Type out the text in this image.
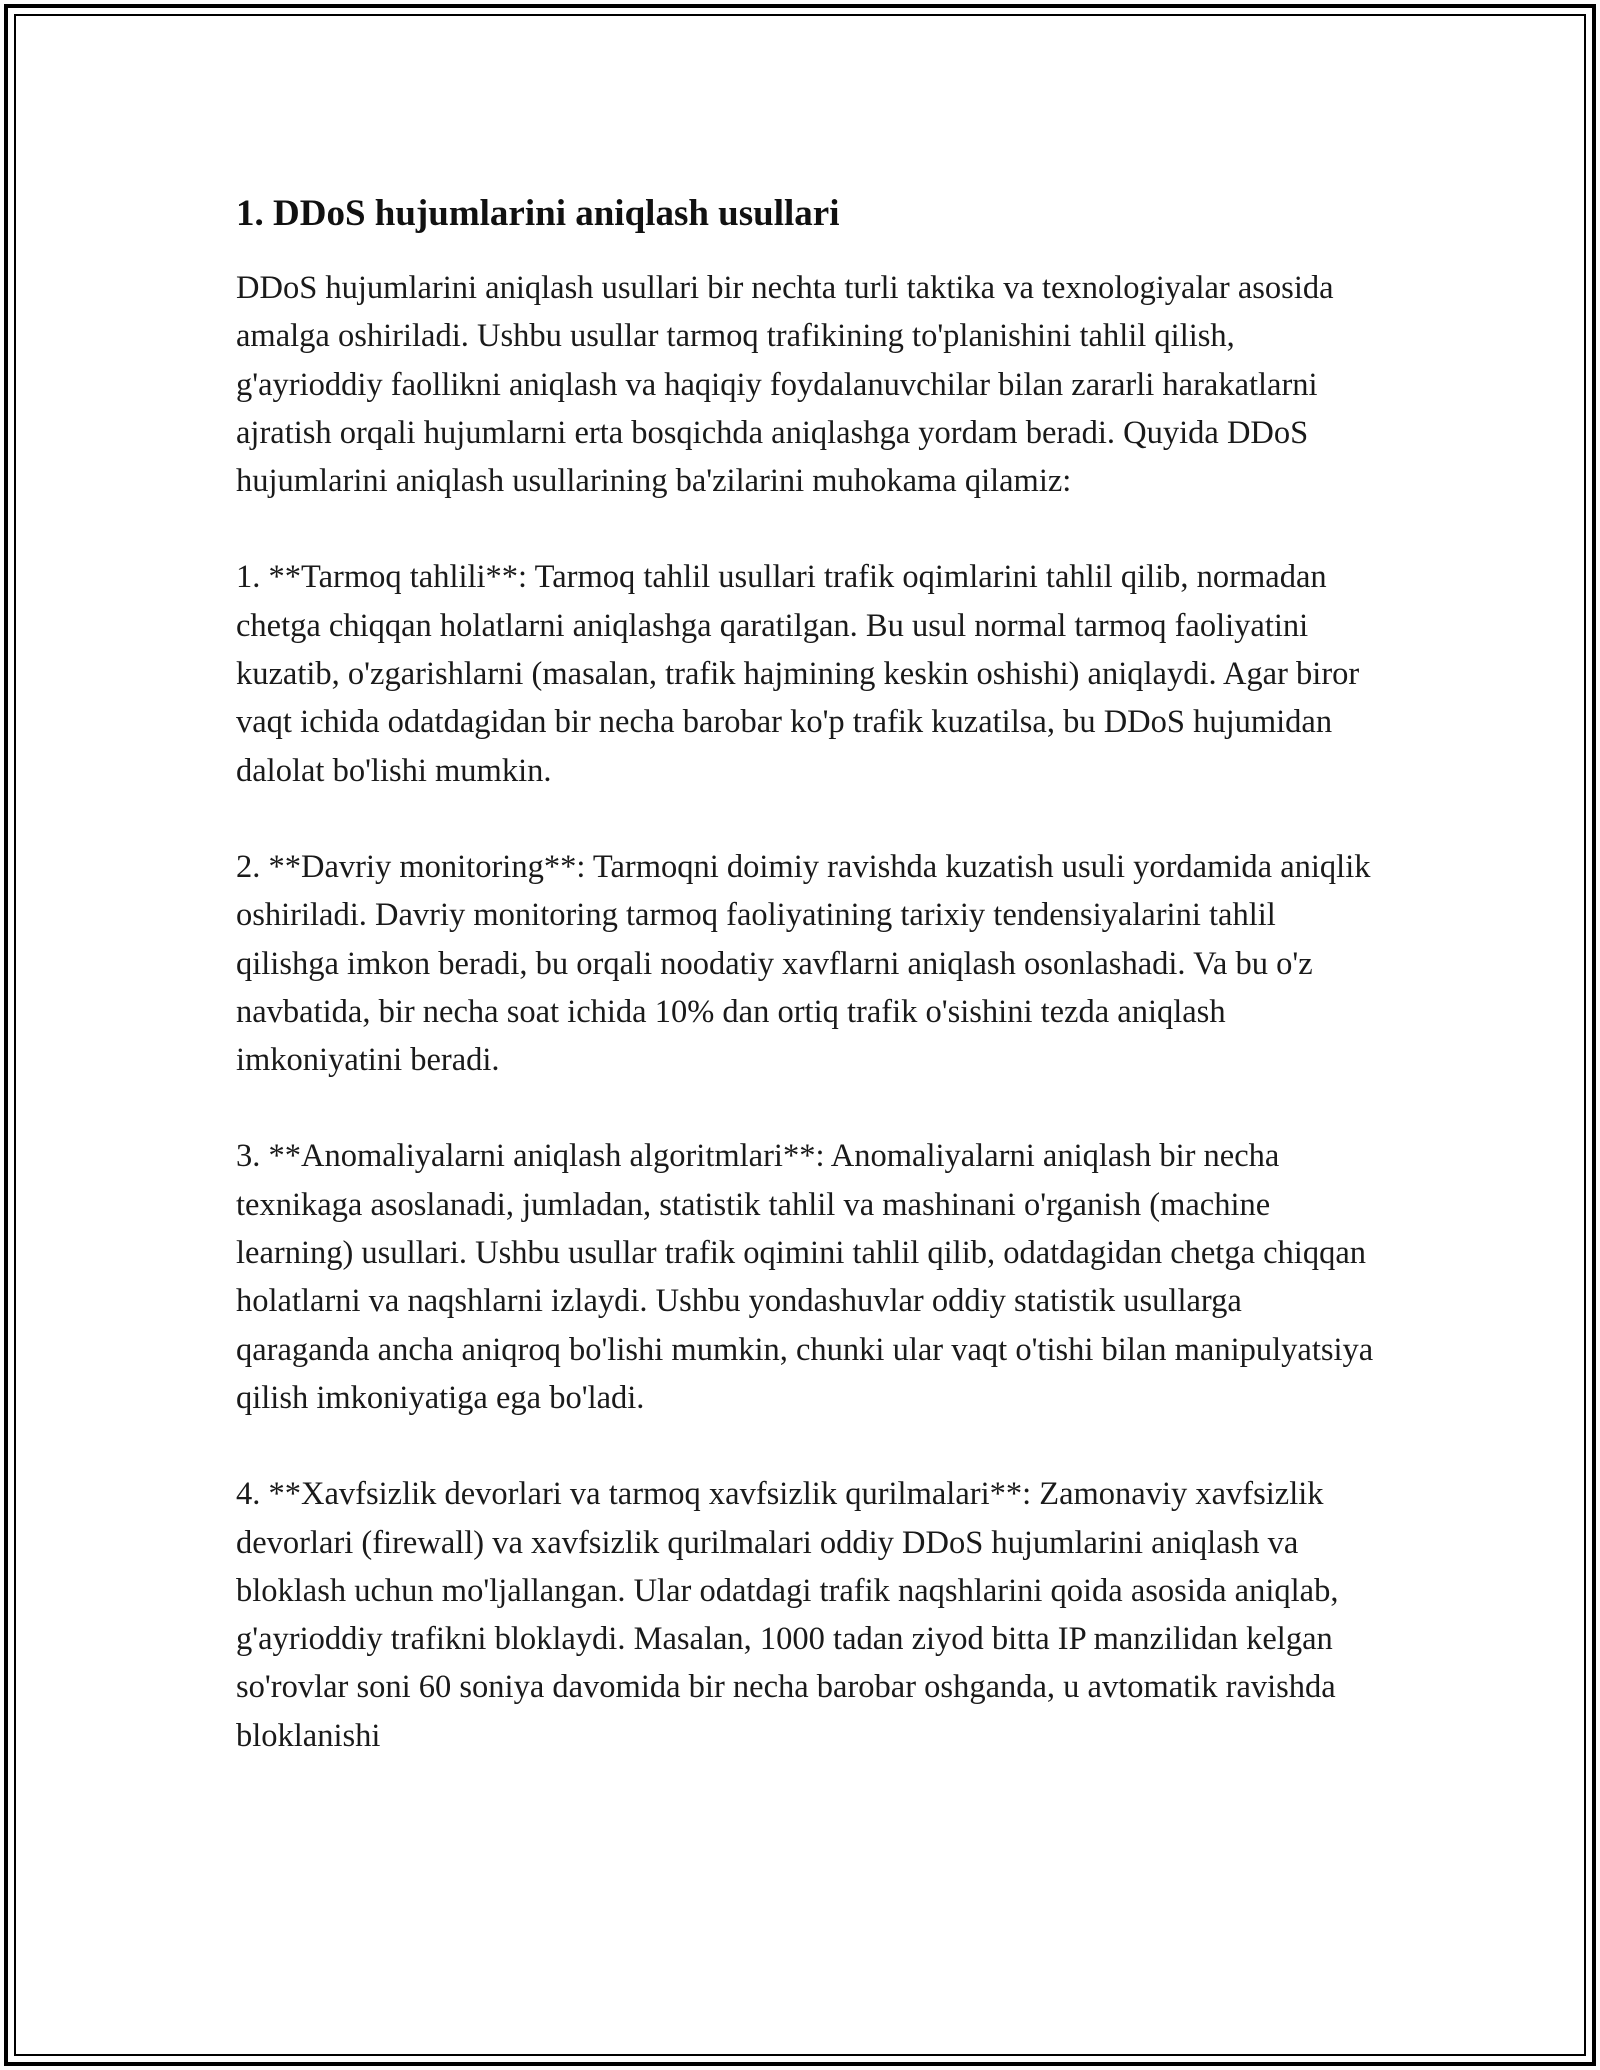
1. DDoS hujumlarini aniqlash usullari

DDoS hujumlarini aniqlash usullari bir nechta turli taktika va texnologiyalar asosida amalga oshiriladi. Ushbu usullar tarmoq trafikining to'planishini tahlil qilish, g'ayrioddiy faollikni aniqlash va haqiqiy foydalanuvchilar bilan zararli harakatlarni ajratish orqali hujumlarni erta bosqichda aniqlashga yordam beradi. Quyida DDoS hujumlarini aniqlash usullarining ba'zilarini muhokama qilamiz:

1. **Tarmoq tahlili**: Tarmoq tahlil usullari trafik oqimlarini tahlil qilib, normadan chetga chiqqan holatlarni aniqlashga qaratilgan. Bu usul normal tarmoq faoliyatini kuzatib, o'zgarishlarni (masalan, trafik hajmining keskin oshishi) aniqlaydi. Agar biror vaqt ichida odatdagidan bir necha barobar ko'p trafik kuzatilsa, bu DDoS hujumidan dalolat bo'lishi mumkin.

2. **Davriy monitoring**: Tarmoqni doimiy ravishda kuzatish usuli yordamida aniqlik oshiriladi. Davriy monitoring tarmoq faoliyatining tarixiy tendensiyalarini tahlil qilishga imkon beradi, bu orqali noodatiy xavflarni aniqlash osonlashadi. Va bu o'z navbatida, bir necha soat ichida 10% dan ortiq trafik o'sishini tezda aniqlash imkoniyatini beradi.

3. **Anomaliyalarni aniqlash algoritmlari**: Anomaliyalarni aniqlash bir necha texnikaga asoslanadi, jumladan, statistik tahlil va mashinani o'rganish (machine learning) usullari. Ushbu usullar trafik oqimini tahlil qilib, odatdagidan chetga chiqqan holatlarni va naqshlarni izlaydi. Ushbu yondashuvlar oddiy statistik usullarga qaraganda ancha aniqroq bo'lishi mumkin, chunki ular vaqt o'tishi bilan manipulyatsiya qilish imkoniyatiga ega bo'ladi.

4. **Xavfsizlik devorlari va tarmoq xavfsizlik qurilmalari**: Zamonaviy xavfsizlik devorlari (firewall) va xavfsizlik qurilmalari oddiy DDoS hujumlarini aniqlash va bloklash uchun mo'ljallangan. Ular odatdagi trafik naqshlarini qoida asosida aniqlab, g'ayrioddiy trafikni bloklaydi. Masalan, 1000 tadan ziyod bitta IP manzilidan kelgan so'rovlar soni 60 soniya davomida bir necha barobar oshganda, u avtomatik ravishda bloklanishi
